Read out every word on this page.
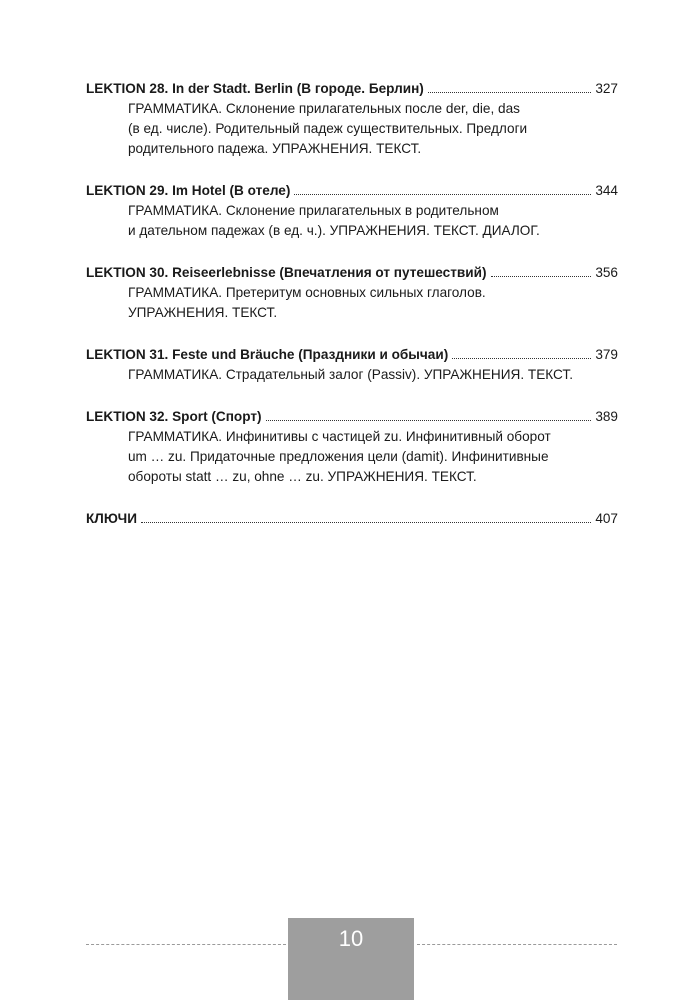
LEKTION 28. In der Stadt. Berlin (В городе. Берлин)	327
ГРАММАТИКА. Склонение прилагательных после der, die, das
(в ед. числе). Родительный падеж существительных. Предлоги
родительного падежа. УПРАЖНЕНИЯ. ТЕКСТ.
LEKTION 29. Im Hotel (В отеле)	344
ГРАММАТИКА. Склонение прилагательных в родительном
и дательном падежах (в ед. ч.). УПРАЖНЕНИЯ. ТЕКСТ. ДИАЛОГ.
LEKTION 30. Reiseerlebnisse (Впечатления от путешествий)	356
ГРАММАТИКА. Претеритум основных сильных глаголов.
УПРАЖНЕНИЯ. ТЕКСТ.
LEKTION 31. Feste und Bräuche (Праздники и обычаи)	379
ГРАММАТИКА. Страдательный залог (Passiv). УПРАЖНЕНИЯ. ТЕКСТ.
LEKTION 32. Sport (Спорт)	389
ГРАММАТИКА. Инфинитивы с частицей zu. Инфинитивный оборот
um … zu. Придаточные предложения цели (damit). Инфинитивные
обороты statt … zu, ohne … zu. УПРАЖНЕНИЯ. ТЕКСТ.
КЛЮЧИ	407
10
